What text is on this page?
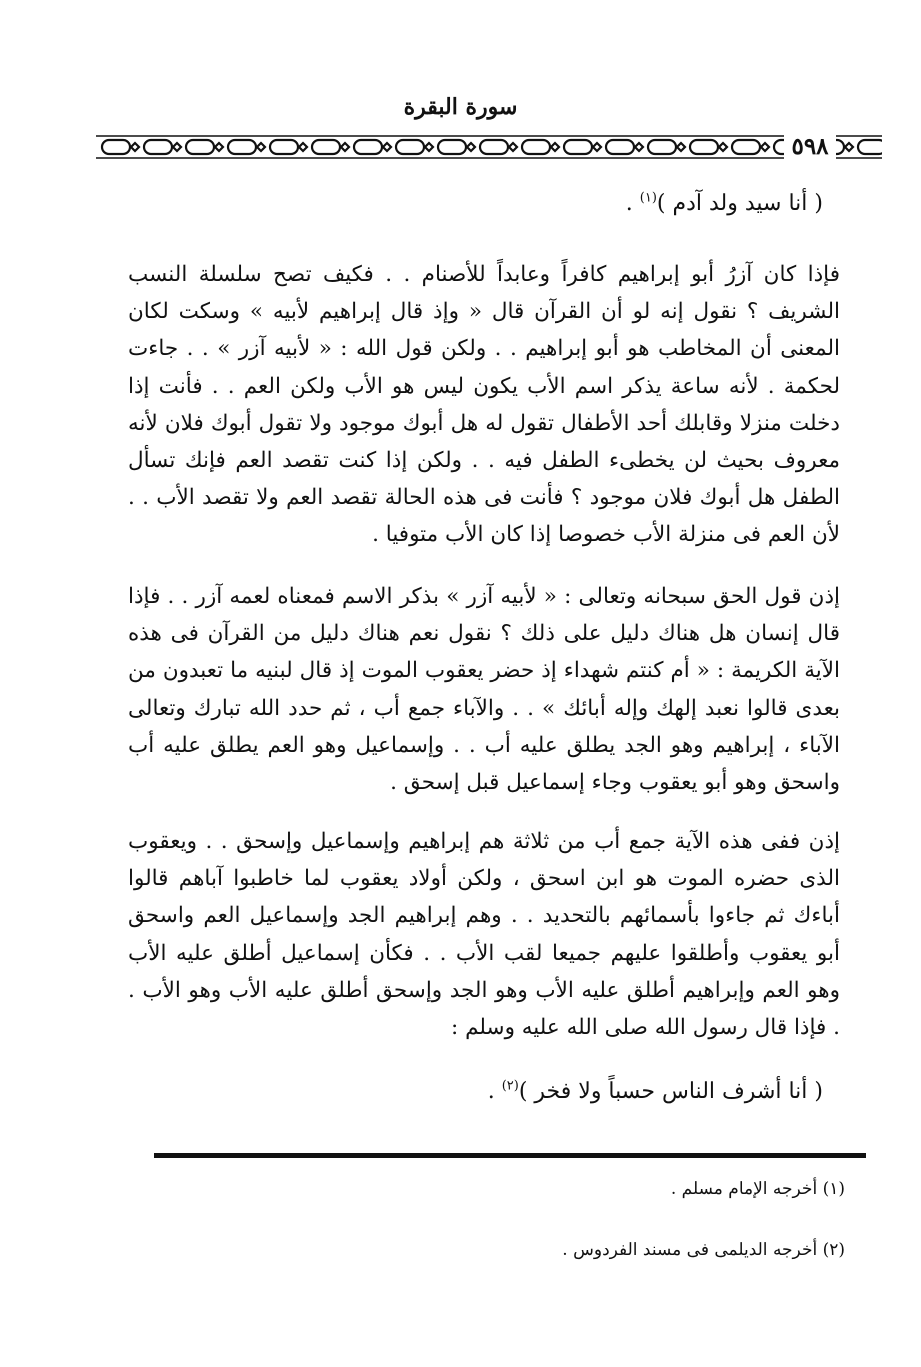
سورة البقرة
٥٩٨
( أنا سيد ولد آدم )$^{(١)}$ .
فإذا كان آزرُ أبو إبراهيم كافراً وعابداً للأصنام . . فكيف تصح سلسلة النسب الشريف ؟ نقول إنه لو أن القرآن قال « وإذ قال إبراهيم لأبيه » وسكت لكان المعنى أن المخاطب هو أبو إبراهيم . . ولكن قول الله : « لأبيه آزر » . . جاءت لحكمة . لأنه ساعة يذكر اسم الأب يكون ليس هو الأب ولكن العم . . فأنت إذا دخلت منزلا وقابلك أحد الأطفال تقول له هل أبوك موجود ولا تقول أبوك فلان لأنه معروف بحيث لن يخطىء الطفل فيه . . ولكن إذا كنت تقصد العم فإنك تسأل الطفل هل أبوك فلان موجود ؟ فأنت فى هذه الحالة تقصد العم ولا تقصد الأب . . لأن العم فى منزلة الأب خصوصا إذا كان الأب متوفيا .
إذن قول الحق سبحانه وتعالى : « لأبيه آزر » بذكر الاسم فمعناه لعمه آزر . . فإذا قال إنسان هل هناك دليل على ذلك ؟ نقول نعم هناك دليل من القرآن فى هذه الآية الكريمة : « أم كنتم شهداء إذ حضر يعقوب الموت إذ قال لبنيه ما تعبدون من بعدى قالوا نعبد إلهك وإله أبائك » . . والآباء جمع أب ، ثم حدد الله تبارك وتعالى الآباء ، إبراهيم وهو الجد يطلق عليه أب . . وإسماعيل وهو العم يطلق عليه أب واسحق وهو أبو يعقوب وجاء إسماعيل قبل إسحق .
إذن ففى هذه الآية جمع أب من ثلاثة هم إبراهيم وإسماعيل وإسحق . . ويعقوب الذى حضره الموت هو ابن اسحق ، ولكن أولاد يعقوب لما خاطبوا آباهم قالوا أباءك ثم جاءوا بأسمائهم بالتحديد . . وهم إبراهيم الجد وإسماعيل العم واسحق أبو يعقوب وأطلقوا عليهم جميعا لقب الأب . . فكأن إسماعيل أطلق عليه الأب وهو العم وإبراهيم أطلق عليه الأب وهو الجد وإسحق أطلق عليه الأب وهو الأب . . فإذا قال رسول الله صلى الله عليه وسلم :
( أنا أشرف الناس حسباً ولا فخر )$^{(٢)}$ .
(١) أخرجه الإمام مسلم .
(٢) أخرجه الديلمى فى مسند الفردوس .
